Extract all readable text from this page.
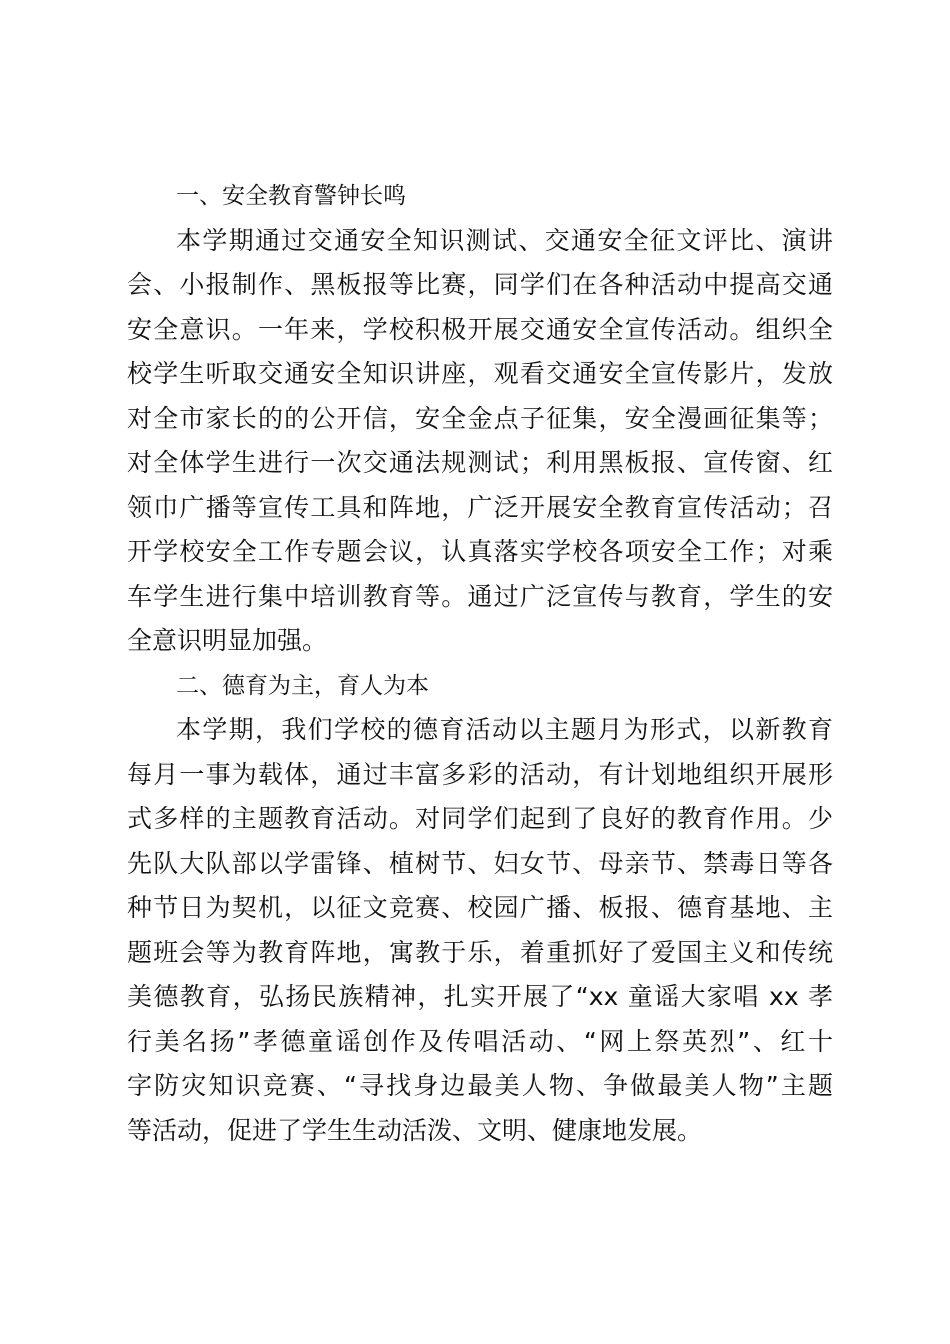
一、安全教育警钟长鸣

本学期通过交通安全知识测试、交通安全征文评比、演讲

会、小报制作、黑板报等比赛，同学们在各种活动中提高交通

安全意识。一年来，学校积极开展交通安全宣传活动。组织全

校学生听取交通安全知识讲座，观看交通安全宣传影片，发放

对全市家长的的公开信，安全金点子征集，安全漫画征集等；

对全体学生进行一次交通法规测试；利用黑板报、宣传窗、红

领巾广播等宣传工具和阵地，广泛开展安全教育宣传活动；召

开学校安全工作专题会议，认真落实学校各项安全工作；对乘

车学生进行集中培训教育等。通过广泛宣传与教育，学生的安

全意识明显加强。

二、德育为主，育人为本

本学期，我们学校的德育活动以主题月为形式，以新教育

每月一事为载体，通过丰富多彩的活动，有计划地组织开展形

式多样的主题教育活动。对同学们起到了良好的教育作用。少

先队大队部以学雷锋、植树节、妇女节、母亲节、禁毒日等各

种节日为契机，以征文竞赛、校园广播、板报、德育基地、主

题班会等为教育阵地，寓教于乐，着重抓好了爱国主义和传统

美德教育，弘扬民族精神，扎实开展了“xx 童谣大家唱 xx 孝

行美名扬”孝德童谣创作及传唱活动、“网上祭英烈”、红十

字防灾知识竞赛、“寻找身边最美人物、争做最美人物”主题

等活动，促进了学生生动活泼、文明、健康地发展。
